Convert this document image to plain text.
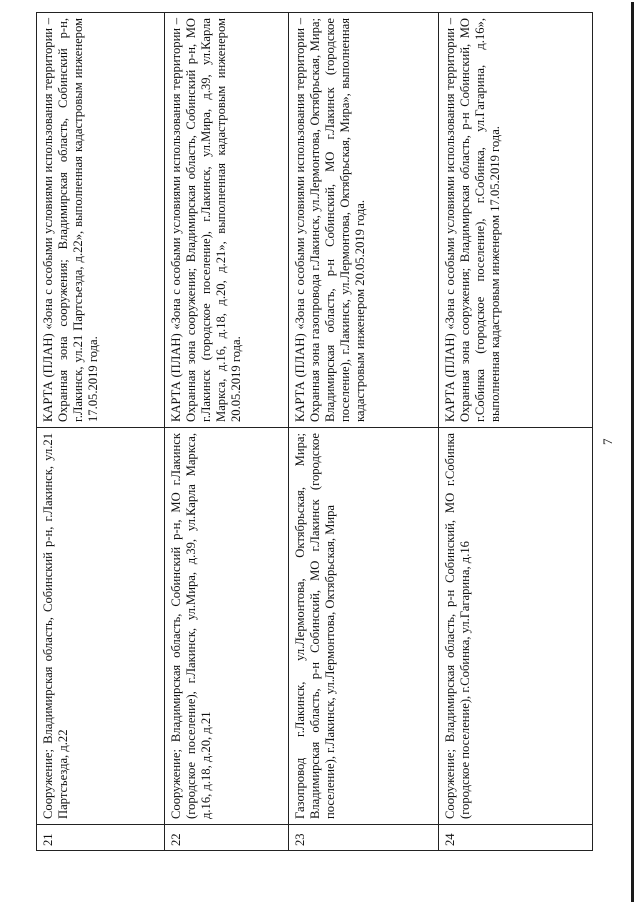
21	Сооружение; Владимирская область, Собинский р-н, г.Лакинск, ул.21 Партсъезда, д.22	КАРТА (ПЛАН) «Зона с особыми условиями использования территории – Охранная зона сооружения; Владимирская область, Собинский р-н, г.Лакинск, ул.21 Партсъезда, д.22», выполненная кадастровым инженером 17.05.2019 года.
22	Сооружение; Владимирская область, Собинский р-н, МО г.Лакинск (городское поселение), г.Лакинск, ул.Мира, д.39, ул.Карла Маркса, д.16, д.18, д.20, д.21	КАРТА (ПЛАН) «Зона с особыми условиями использования территории – Охранная зона сооружения; Владимирская область, Собинский р-н, МО г.Лакинск (городское поселение), г.Лакинск, ул.Мира, д.39, ул.Карла Маркса, д.16, д.18, д.20, д.21», выполненная кадастровым инженером 20.05.2019 года.
23	Газопровод г.Лакинск, ул.Лермонтова, Октябрьская, Мира; Владимирская область, р-н Собинский, МО г.Лакинск (городское поселение), г.Лакинск, ул.Лермонтова, Октябрьская, Мира	КАРТА (ПЛАН) «Зона с особыми условиями использования территории – Охранная зона газопровода г.Лакинск, ул.Лермонтова, Октябрьская, Мира; Владимирская область, р-н Собинский, МО г.Лакинск (городское поселение), г.Лакинск, ул.Лермонтова, Октябрьская, Мира», выполненная кадастровым инженером 20.05.2019 года.
24	Сооружение; Владимирская область, р-н Собинский, МО г.Собинка (городское поселение), г.Собинка, ул.Гагарина, д.16	КАРТА (ПЛАН) «Зона с особыми условиями использования территории – Охранная зона сооружения; Владимирская область, р-н Собинский, МО г.Собинка (городское поселение), г.Собинка, ул.Гагарина, д.16», выполненная кадастровым инженером 17.05.2019 года.
7
